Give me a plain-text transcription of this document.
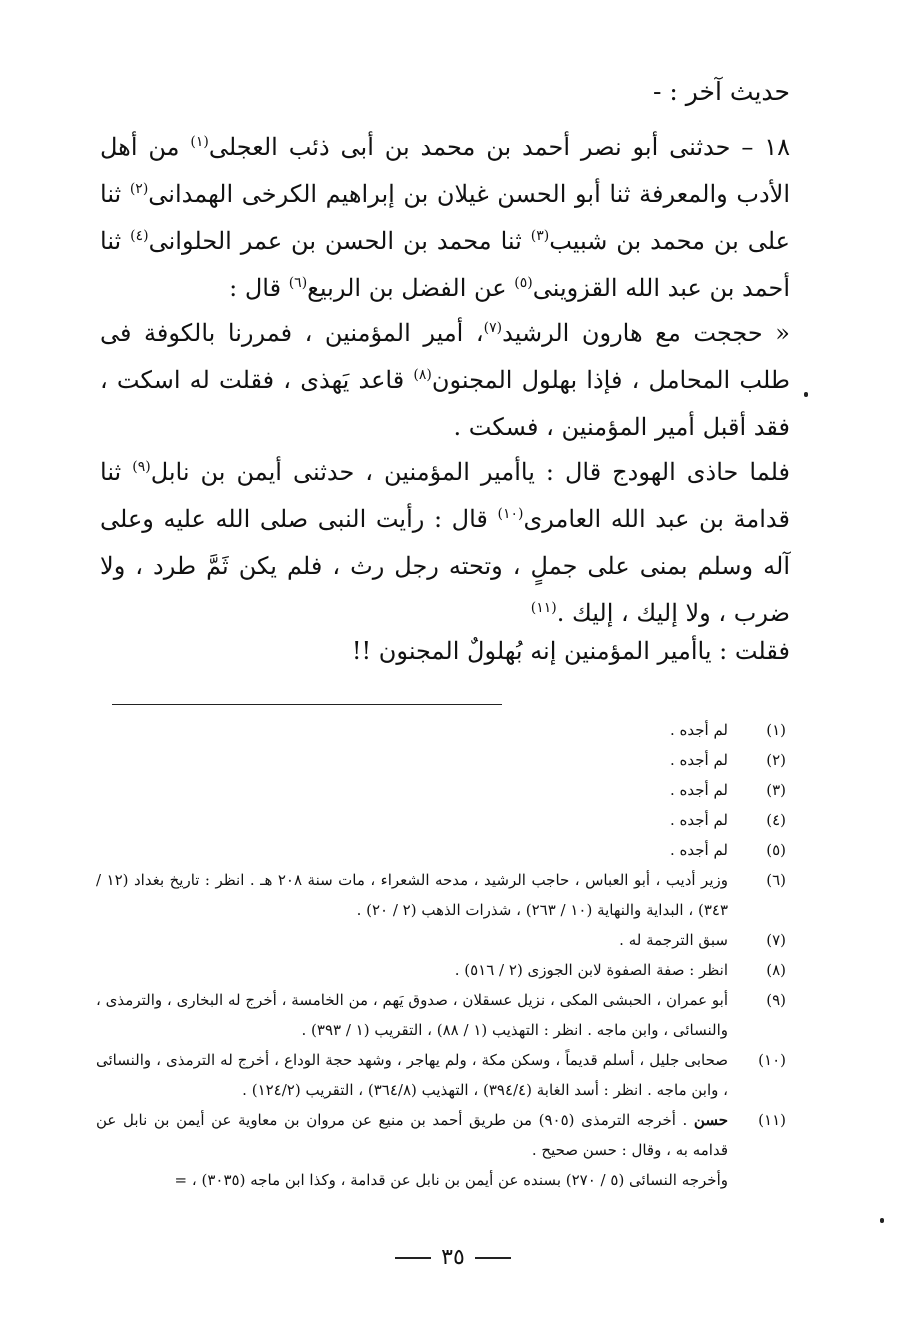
حديث آخر : -
١٨ – حدثنى أبو نصر أحمد بن محمد بن أبى ذئب العجلى$^{(١)}$ من أهل الأدب والمعرفة ثنا أبو الحسن غيلان بن إبراهيم الكرخى الهمدانى$^{(٢)}$ ثنا على بن محمد بن شبيب$^{(٣)}$ ثنا محمد بن الحسن بن عمر الحلوانى$^{(٤)}$ ثنا أحمد بن عبد الله القزوينى$^{(٥)}$ عن الفضل بن الربيع$^{(٦)}$ قال :
« حججت مع هارون الرشيد$^{(٧)}$، أمير المؤمنين ، فمررنا بالكوفة فى طلب المحامل ، فإذا بهلول المجنون$^{(٨)}$ قاعد يَهذى ، فقلت له اسكت ، فقد أقبل أمير المؤمنين ، فسكت .
فلما حاذى الهودج قال : ياأمير المؤمنين ، حدثنى أيمن بن نابل$^{(٩)}$ ثنا قدامة بن عبد الله العامرى$^{(١٠)}$ قال : رأيت النبى صلى الله عليه وعلى آله وسلم بمنى على جملٍ ، وتحته رجل رث ، فلم يكن ثَمَّ طرد ، ولا ضرب ، ولا إليك ، إليك .$^{(١١)}$
فقلت : ياأمير المؤمنين إنه بُهلولٌ المجنون !!
(١)
لم أجده .
(٢)
لم أجده .
(٣)
لم أجده .
(٤)
لم أجده .
(٥)
لم أجده .
(٦)
وزير أديب ، أبو العباس ، حاجب الرشيد ، مدحه الشعراء ، مات سنة ٢٠٨ هـ . انظر : تاريخ بغداد (١٢ / ٣٤٣) ، البداية والنهاية (١٠ / ٢٦٣) ، شذرات الذهب (٢ / ٢٠) .
(٧)
سبق الترجمة له .
(٨)
انظر : صفة الصفوة لابن الجوزى (٢ / ٥١٦) .
(٩)
أبو عمران ، الحبشى المكى ، نزيل عسقلان ، صدوق يَهم ، من الخامسة ، أخرج له البخارى ، والترمذى ، والنسائى ، وابن ماجه . انظر : التهذيب (١ / ٨٨) ، التقريب (١ / ٣٩٣) .
(١٠)
صحابى جليل ، أسلم قديماً ، وسكن مكة ، ولم يهاجر ، وشهد حجة الوداع ، أخرج له الترمذى ، والنسائى ، وابن ماجه . انظر : أسد الغابة (٣٩٤/٤) ، التهذيب (٣٦٤/٨) ، التقريب (١٢٤/٢) .
(١١)
حسن . أخرجه الترمذى (٩٠٥) من طريق أحمد بن منيع عن مروان بن معاوية عن أيمن بن نابل عن قدامه به ، وقال : حسن صحيح .
وأخرجه النسائى (٥ / ٢٧٠) بسنده عن أيمن بن نابل عن قدامة ، وكذا ابن ماجه (٣٠٣٥) ، =
٣٥
